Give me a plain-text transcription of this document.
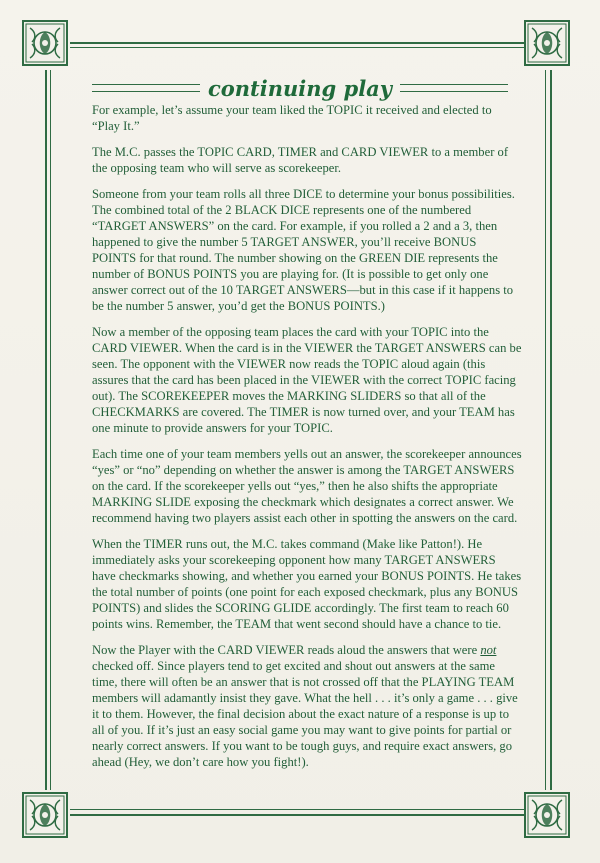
continuing play

For example, let’s assume your team liked the TOPIC it received and elected to “Play It.”

The M.C. passes the TOPIC CARD, TIMER and CARD VIEWER to a member of the opposing team who will serve as scorekeeper.

Someone from your team rolls all three DICE to determine your bonus possibilities. The combined total of the 2 BLACK DICE represents one of the numbered “TARGET ANSWERS” on the card. For example, if you rolled a 2 and a 3, then happened to give the number 5 TARGET ANSWER, you’ll receive BONUS POINTS for that round. The number showing on the GREEN DIE represents the number of BONUS POINTS you are playing for. (It is possible to get only one answer correct out of the 10 TARGET ANSWERS—but in this case if it happens to be the number 5 answer, you’d get the BONUS POINTS.)

Now a member of the opposing team places the card with your TOPIC into the CARD VIEWER. When the card is in the VIEWER the TARGET ANSWERS can be seen. The opponent with the VIEWER now reads the TOPIC aloud again (this assures that the card has been placed in the VIEWER with the correct TOPIC facing out). The SCOREKEEPER moves the MARKING SLIDERS so that all of the CHECKMARKS are covered. The TIMER is now turned over, and your TEAM has one minute to provide answers for your TOPIC.

Each time one of your team members yells out an answer, the scorekeeper announces “yes” or “no” depending on whether the answer is among the TARGET ANSWERS on the card. If the scorekeeper yells out “yes,” then he also shifts the appropriate MARKING SLIDE exposing the checkmark which designates a correct answer. We recommend having two players assist each other in spotting the answers on the card.

When the TIMER runs out, the M.C. takes command (Make like Patton!). He immediately asks your scorekeeping opponent how many TARGET ANSWERS have checkmarks showing, and whether you earned your BONUS POINTS. He takes the total number of points (one point for each exposed checkmark, plus any BONUS POINTS) and slides the SCORING GLIDE accordingly. The first team to reach 60 points wins. Remember, the TEAM that went second should have a chance to tie.

Now the Player with the CARD VIEWER reads aloud the answers that were not checked off. Since players tend to get excited and shout out answers at the same time, there will often be an answer that is not crossed off that the PLAYING TEAM members will adamantly insist they gave. What the hell . . . it’s only a game . . . give it to them. However, the final decision about the exact nature of a response is up to all of you. If it’s just an easy social game you may want to give points for partial or nearly correct answers. If you want to be tough guys, and require exact answers, go ahead (Hey, we don’t care how you fight!).
